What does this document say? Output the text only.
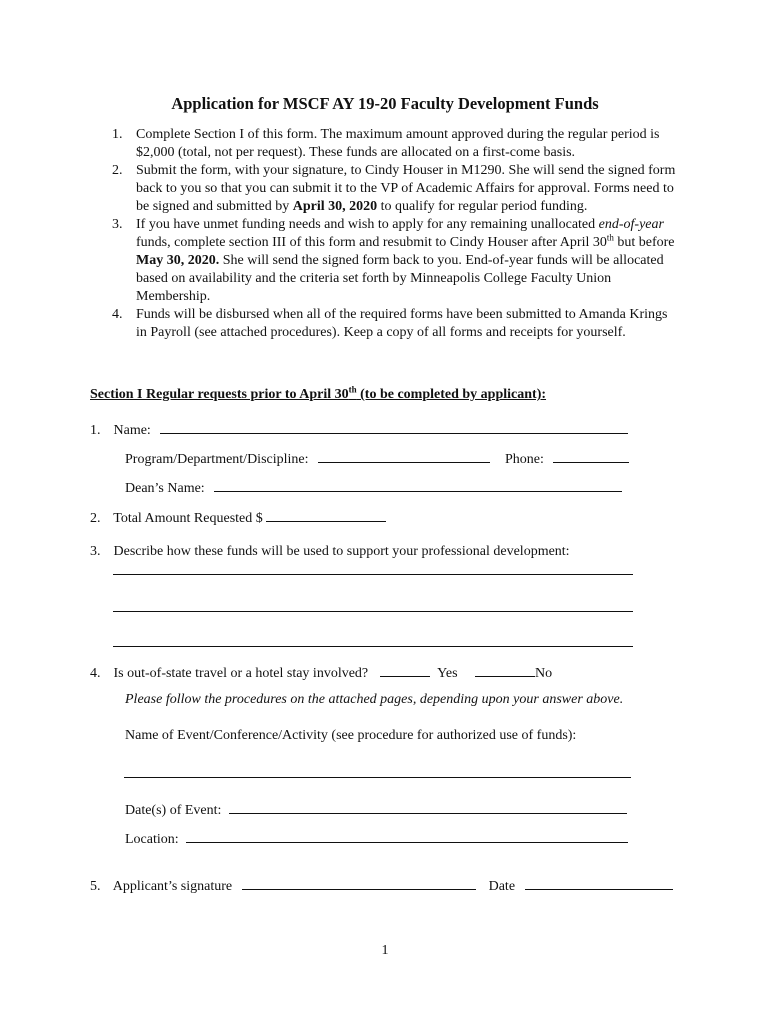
Application for MSCF AY 19-20 Faculty Development Funds
1. Complete Section I of this form. The maximum amount approved during the regular period is $2,000 (total, not per request). These funds are allocated on a first-come basis.
2. Submit the form, with your signature, to Cindy Houser in M1290. She will send the signed form back to you so that you can submit it to the VP of Academic Affairs for approval. Forms need to be signed and submitted by April 30, 2020 to qualify for regular period funding.
3. If you have unmet funding needs and wish to apply for any remaining unallocated end-of-year funds, complete section III of this form and resubmit to Cindy Houser after April 30th but before May 30, 2020. She will send the signed form back to you. End-of-year funds will be allocated based on availability and the criteria set forth by Minneapolis College Faculty Union Membership.
4. Funds will be disbursed when all of the required forms have been submitted to Amanda Krings in Payroll (see attached procedures). Keep a copy of all forms and receipts for yourself.
Section I Regular requests prior to April 30th (to be completed by applicant):
1. Name:
Program/Department/Discipline:	Phone:
Dean’s Name:
2. Total Amount Requested $
3. Describe how these funds will be used to support your professional development:
4. Is out-of-state travel or a hotel stay involved?	Yes	No
Please follow the procedures on the attached pages, depending upon your answer above.
Name of Event/Conference/Activity (see procedure for authorized use of funds):
Date(s) of Event:
Location:
5. Applicant’s signature	Date
1
